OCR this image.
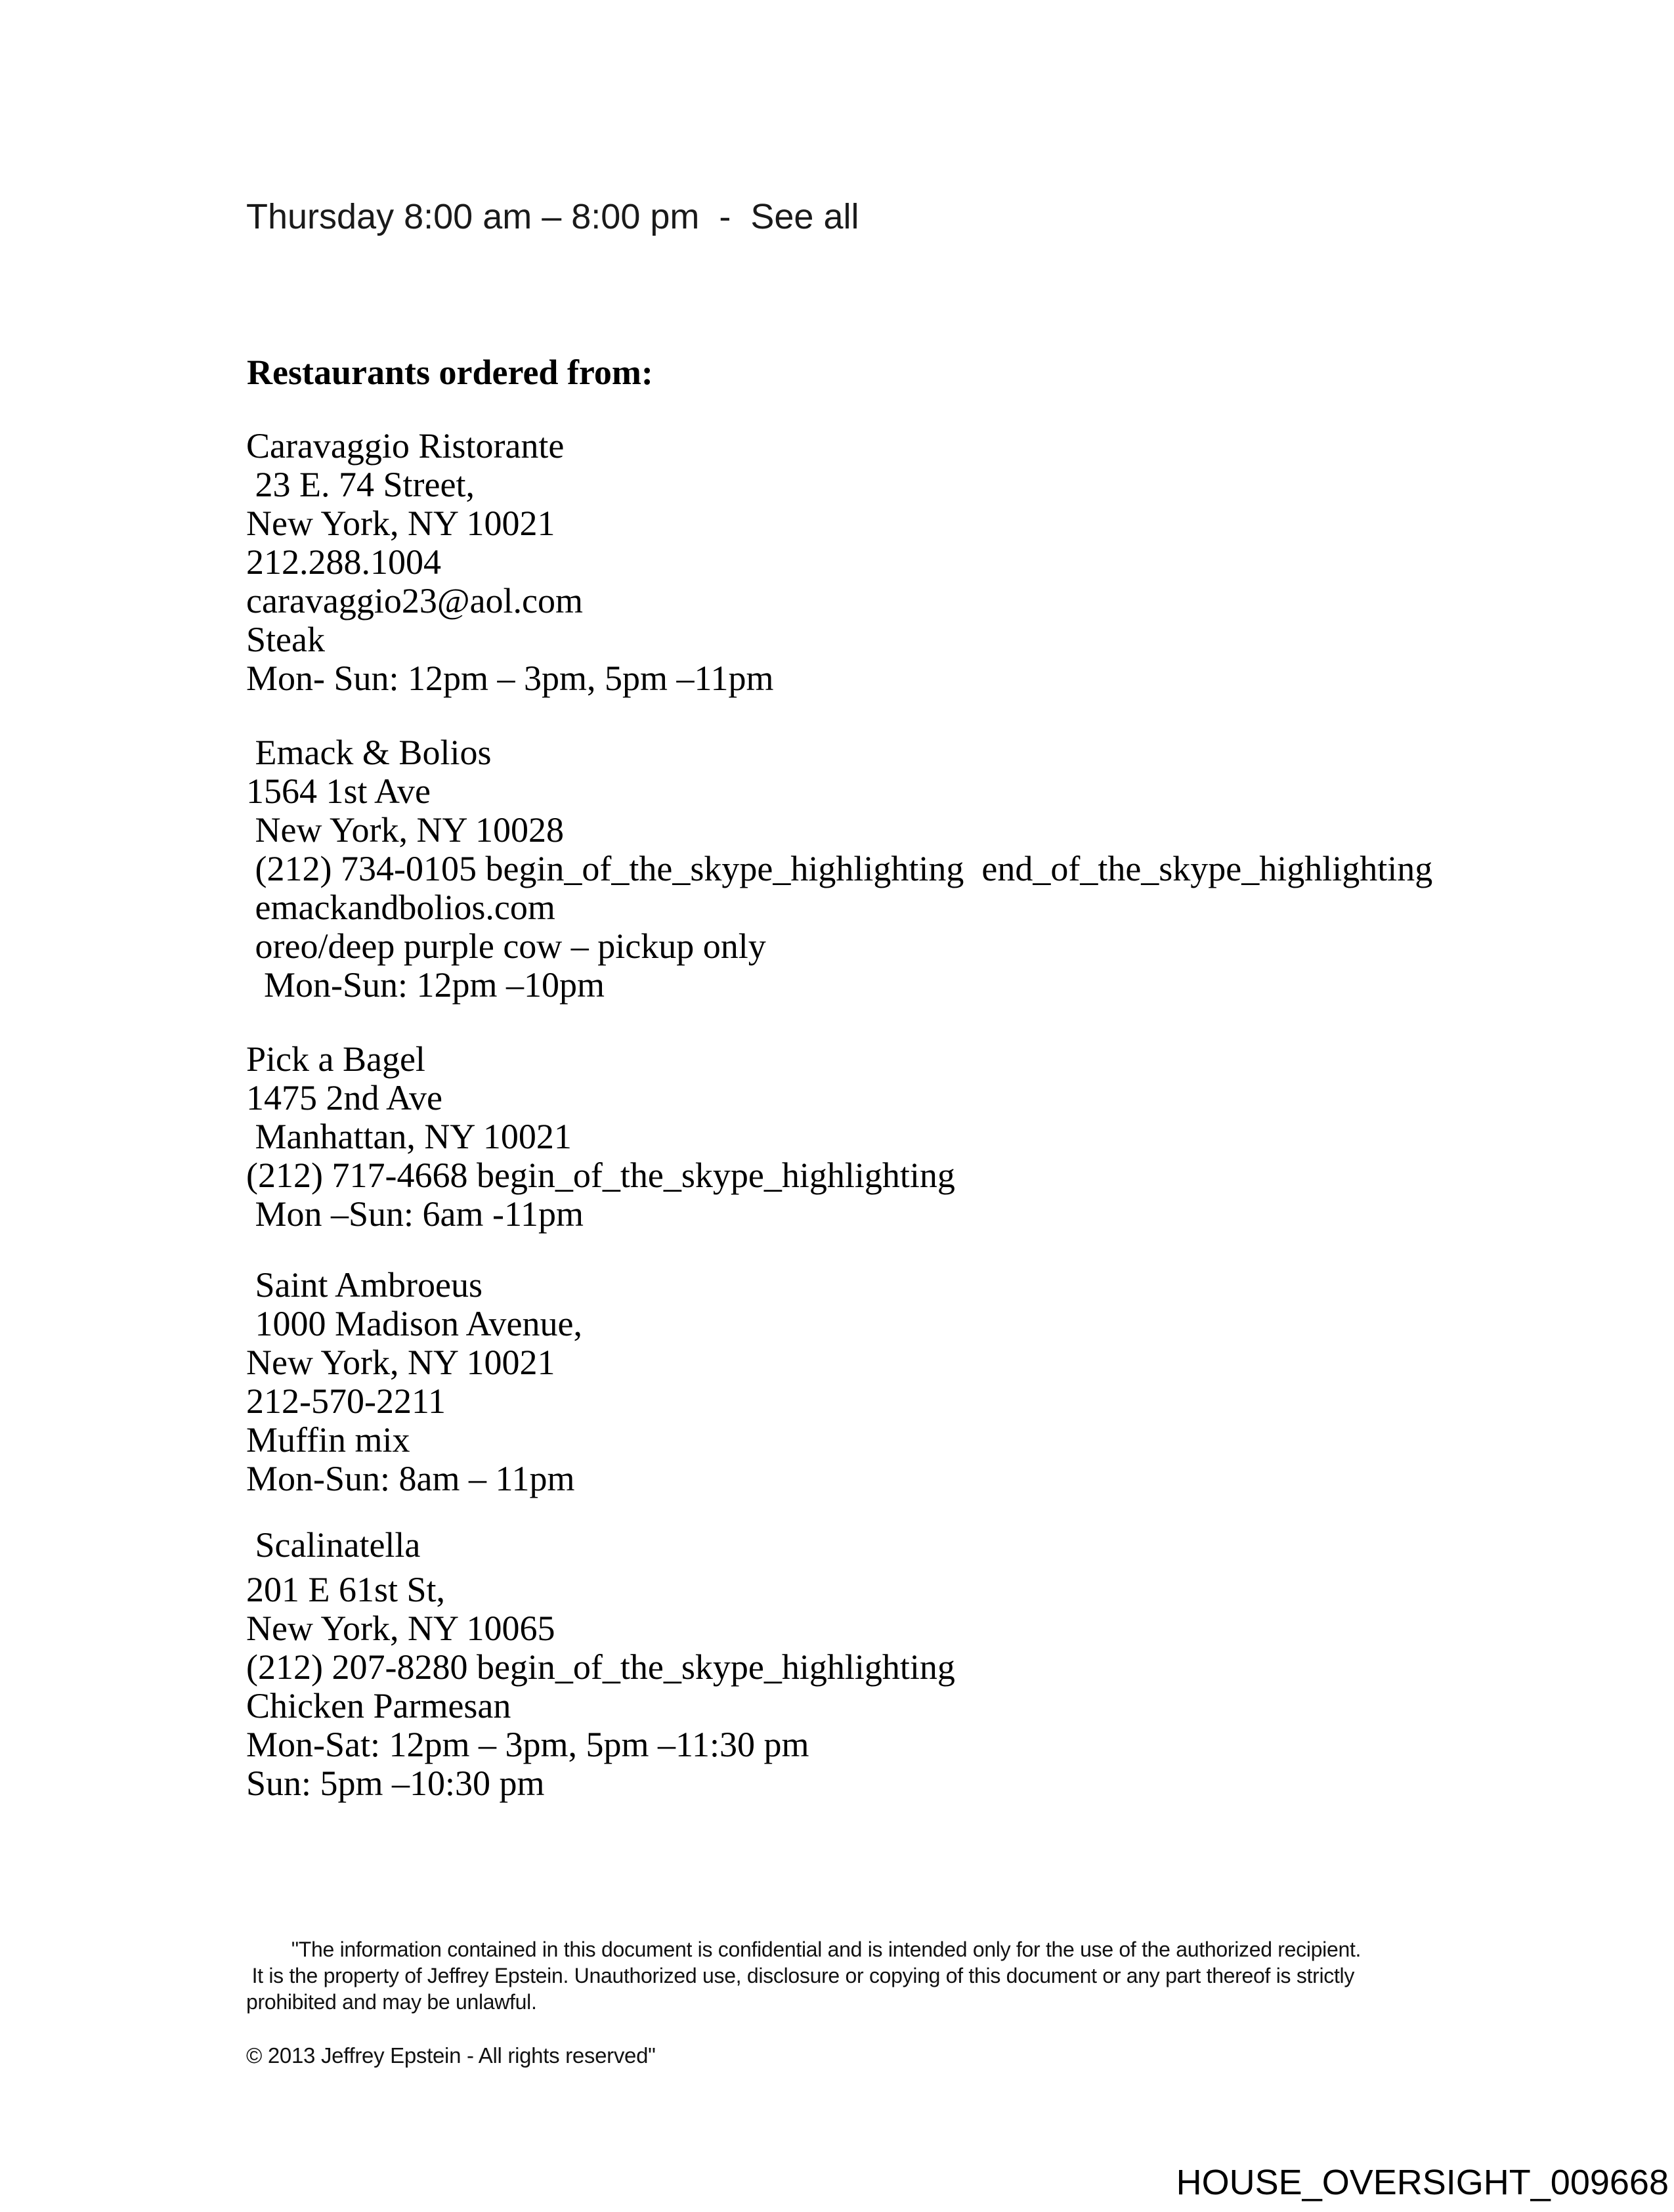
Thursday 8:00 am – 8:00 pm  -  See all
Restaurants ordered from:
Caravaggio Ristorante
23 E. 74 Street,
New York, NY 10021
212.288.1004
caravaggio23@aol.com
Steak
Mon- Sun: 12pm – 3pm, 5pm –11pm
Emack & Bolios
1564 1st Ave
New York, NY 10028
(212) 734-0105 begin_of_the_skype_highlighting  end_of_the_skype_highlighting
emackandbolios.com
oreo/deep purple cow – pickup only
Mon-Sun: 12pm –10pm
Pick a Bagel
1475 2nd Ave
Manhattan, NY 10021
(212) 717-4668 begin_of_the_skype_highlighting
Mon –Sun: 6am -11pm
Saint Ambroeus
1000 Madison Avenue,
New York, NY 10021
212-570-2211
Muffin mix
Mon-Sun: 8am – 11pm
Scalinatella
201 E 61st St,
New York, NY 10065
(212) 207-8280 begin_of_the_skype_highlighting
Chicken Parmesan
Mon-Sat: 12pm – 3pm, 5pm –11:30 pm
Sun: 5pm –10:30 pm
"The information contained in this document is confidential and is intended only for the use of the authorized recipient.
It is the property of Jeffrey Epstein. Unauthorized use, disclosure or copying of this document or any part thereof is strictly
prohibited and may be unlawful.
© 2013 Jeffrey Epstein - All rights reserved"
HOUSE_OVERSIGHT_009668
